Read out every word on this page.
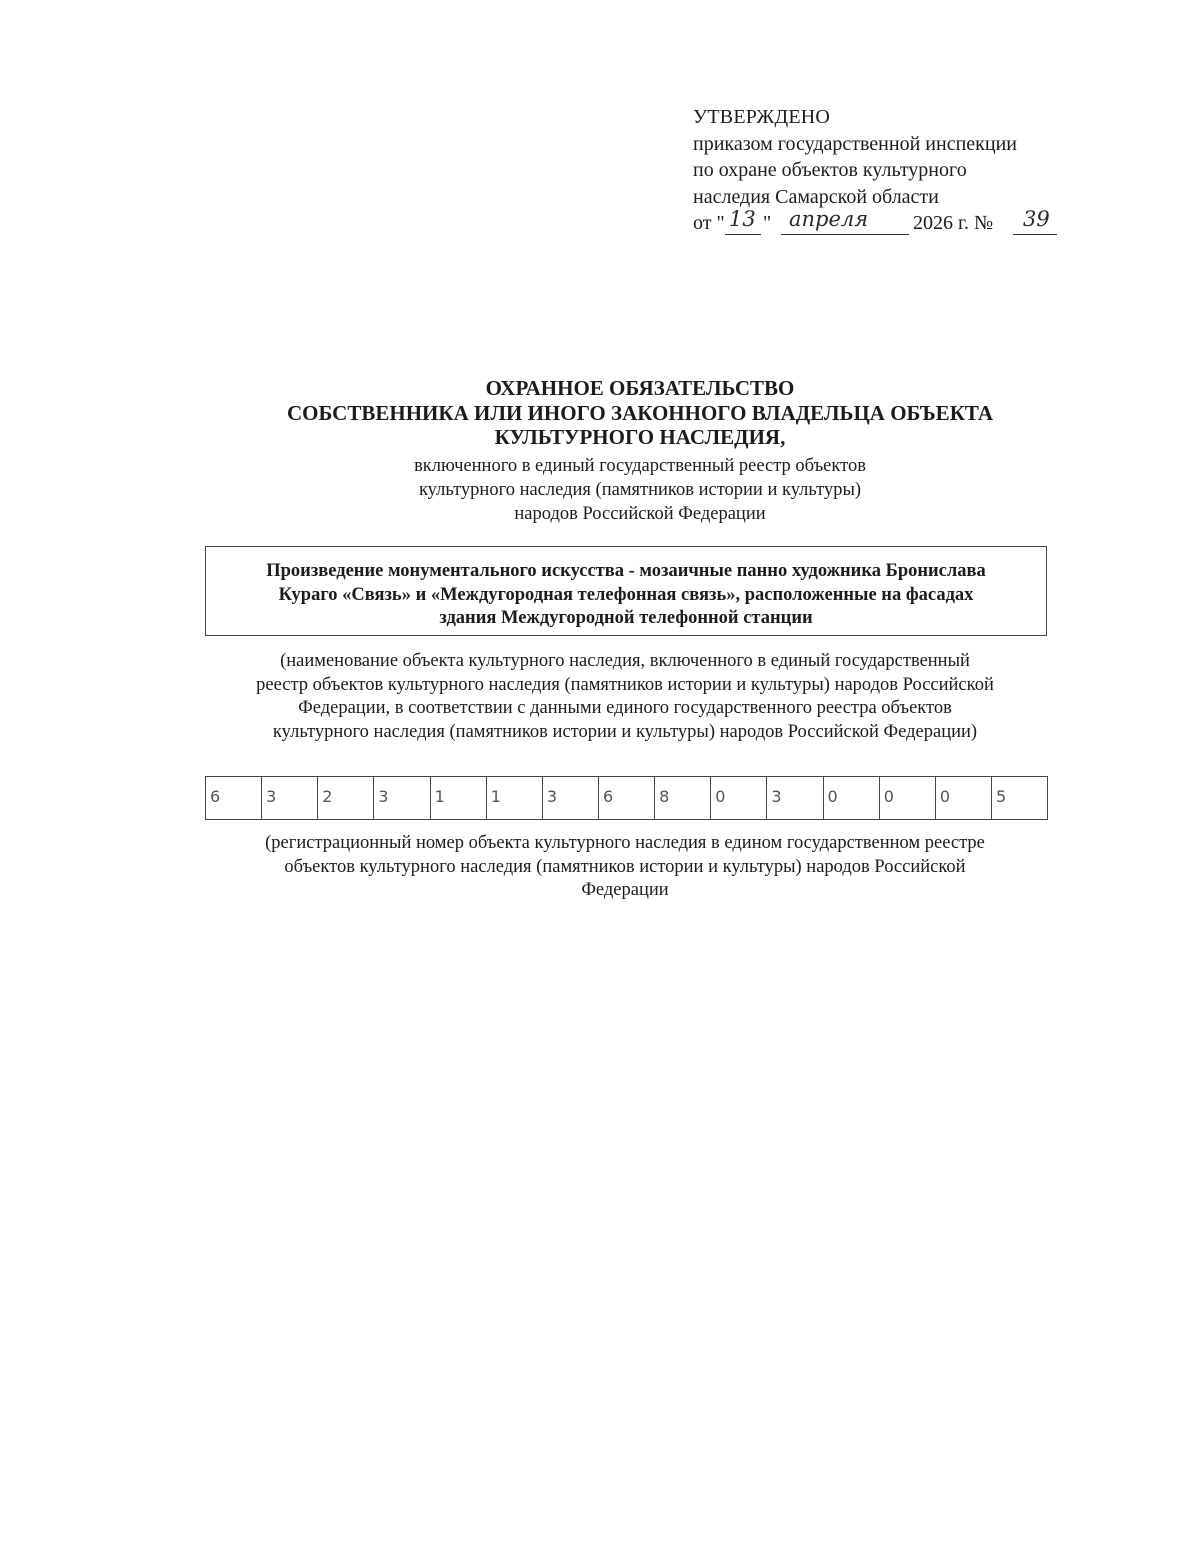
УТВЕРЖДЕНО
приказом государственной инспекции
по охране объектов культурного
наследия Самарской области
от " 13 " апреля 2026 г. № 39
ОХРАННОЕ ОБЯЗАТЕЛЬСТВО
СОБСТВЕННИКА ИЛИ ИНОГО ЗАКОННОГО ВЛАДЕЛЬЦА ОБЪЕКТА
КУЛЬТУРНОГО НАСЛЕДИЯ,
включенного в единый государственный реестр объектов
культурного наследия (памятников истории и культуры)
народов Российской Федерации
Произведение монументального искусства - мозаичные панно художника Бронислава
Кураго «Связь» и «Междугородная телефонная связь», расположенные на фасадах
здания Междугородной телефонной станции
(наименование объекта культурного наследия, включенного в единый государственный
реестр объектов культурного наследия (памятников истории и культуры) народов Российской
Федерации, в соответствии с данными единого государственного реестра объектов
культурного наследия (памятников истории и культуры) народов Российской Федерации)
6	3	2	3	1	1	3	6	8	0	3	0	0	0	5
(регистрационный номер объекта культурного наследия в едином государственном реестре
объектов культурного наследия (памятников истории и культуры) народов Российской
Федерации
